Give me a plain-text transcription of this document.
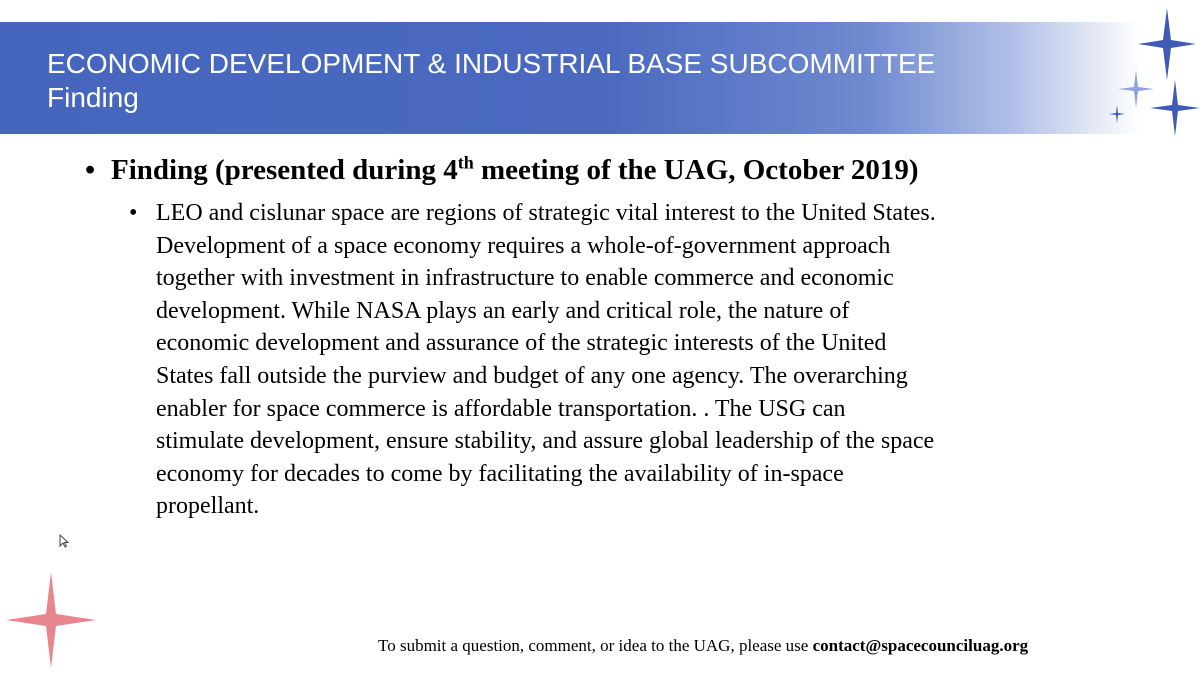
ECONOMIC DEVELOPMENT & INDUSTRIAL BASE SUBCOMMITTEE
Finding
• Finding (presented during 4th meeting of the UAG, October 2019)
• LEO and cislunar space are regions of strategic vital interest to the United States.
Development of a space economy requires a whole-of-government approach
together with investment in infrastructure to enable commerce and economic
development. While NASA plays an early and critical role, the nature of
economic development and assurance of the strategic interests of the United
States fall outside the purview and budget of any one agency. The overarching
enabler for space commerce is affordable transportation. . The USG can
stimulate development, ensure stability, and assure global leadership of the space
economy for decades to come by facilitating the availability of in-space
propellant.
To submit a question, comment, or idea to the UAG, please use contact@spacecounciluag.org
